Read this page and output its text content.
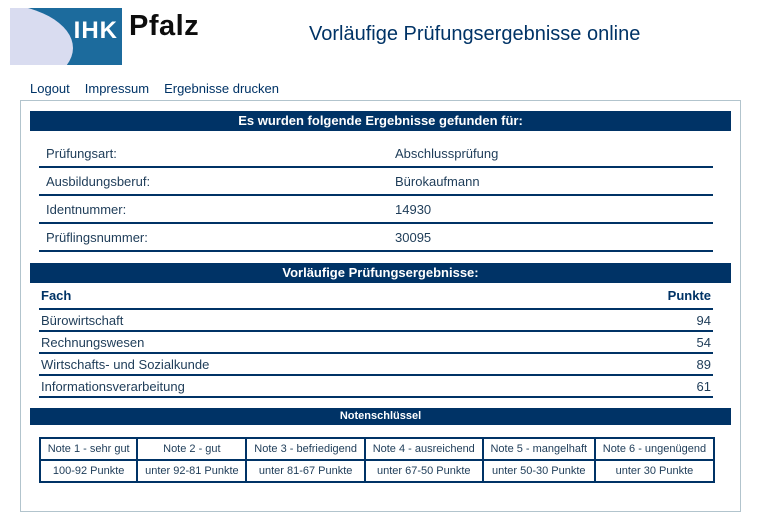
IHK Pfalz	Vorläufige Prüfungsergebnisse online
Logout Impressum Ergebnisse drucken
Es wurden folgende Ergebnisse gefunden für:
Prüfungsart:	Abschlussprüfung
Ausbildungsberuf:	Bürokaufmann
Identnummer:	14930
Prüflingsnummer:	30095
Vorläufige Prüfungsergebnisse:
Fach	Punkte
Bürowirtschaft	94
Rechnungswesen	54
Wirtschafts- und Sozialkunde	89
Informationsverarbeitung	61
Notenschlüssel
Note 1 - sehr gut	Note 2 - gut	Note 3 - befriedigend	Note 4 - ausreichend	Note 5 - mangelhaft	Note 6 - ungenügend
100-92 Punkte	unter 92-81 Punkte	unter 81-67 Punkte	unter 67-50 Punkte	unter 50-30 Punkte	unter 30 Punkte
